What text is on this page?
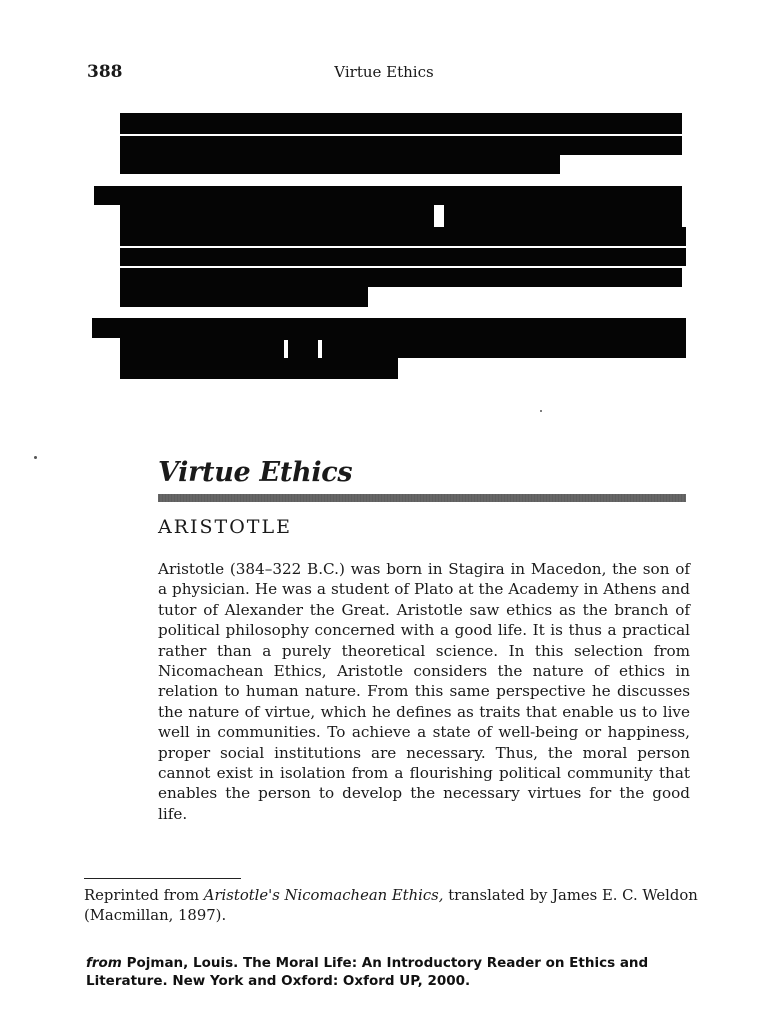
388	Virtue Ethics
Virtue Ethics
ARISTOTLE
Aristotle (384–322 B.C.) was born in Stagira in Macedon, the son of a physician. He was a student of Plato at the Academy in Athens and tutor of Alexander the Great. Aristotle saw ethics as the branch of political philosophy concerned with a good life. It is thus a practical rather than a purely theoretical science. In this selection from Nicomachean Ethics, Aristotle considers the nature of ethics in relation to human nature. From this same perspective he discusses the nature of virtue, which he defines as traits that enable us to live well in communities. To achieve a state of well-being or happiness, proper social institutions are necessary. Thus, the moral person cannot exist in isolation from a flourishing political community that enables the person to develop the necessary virtues for the good life.
Reprinted from Aristotle's Nicomachean Ethics, translated by James E. C. Weldon (Macmillan, 1897).
from Pojman, Louis. The Moral Life: An Introductory Reader on Ethics and Literature. New York and Oxford: Oxford UP, 2000.
